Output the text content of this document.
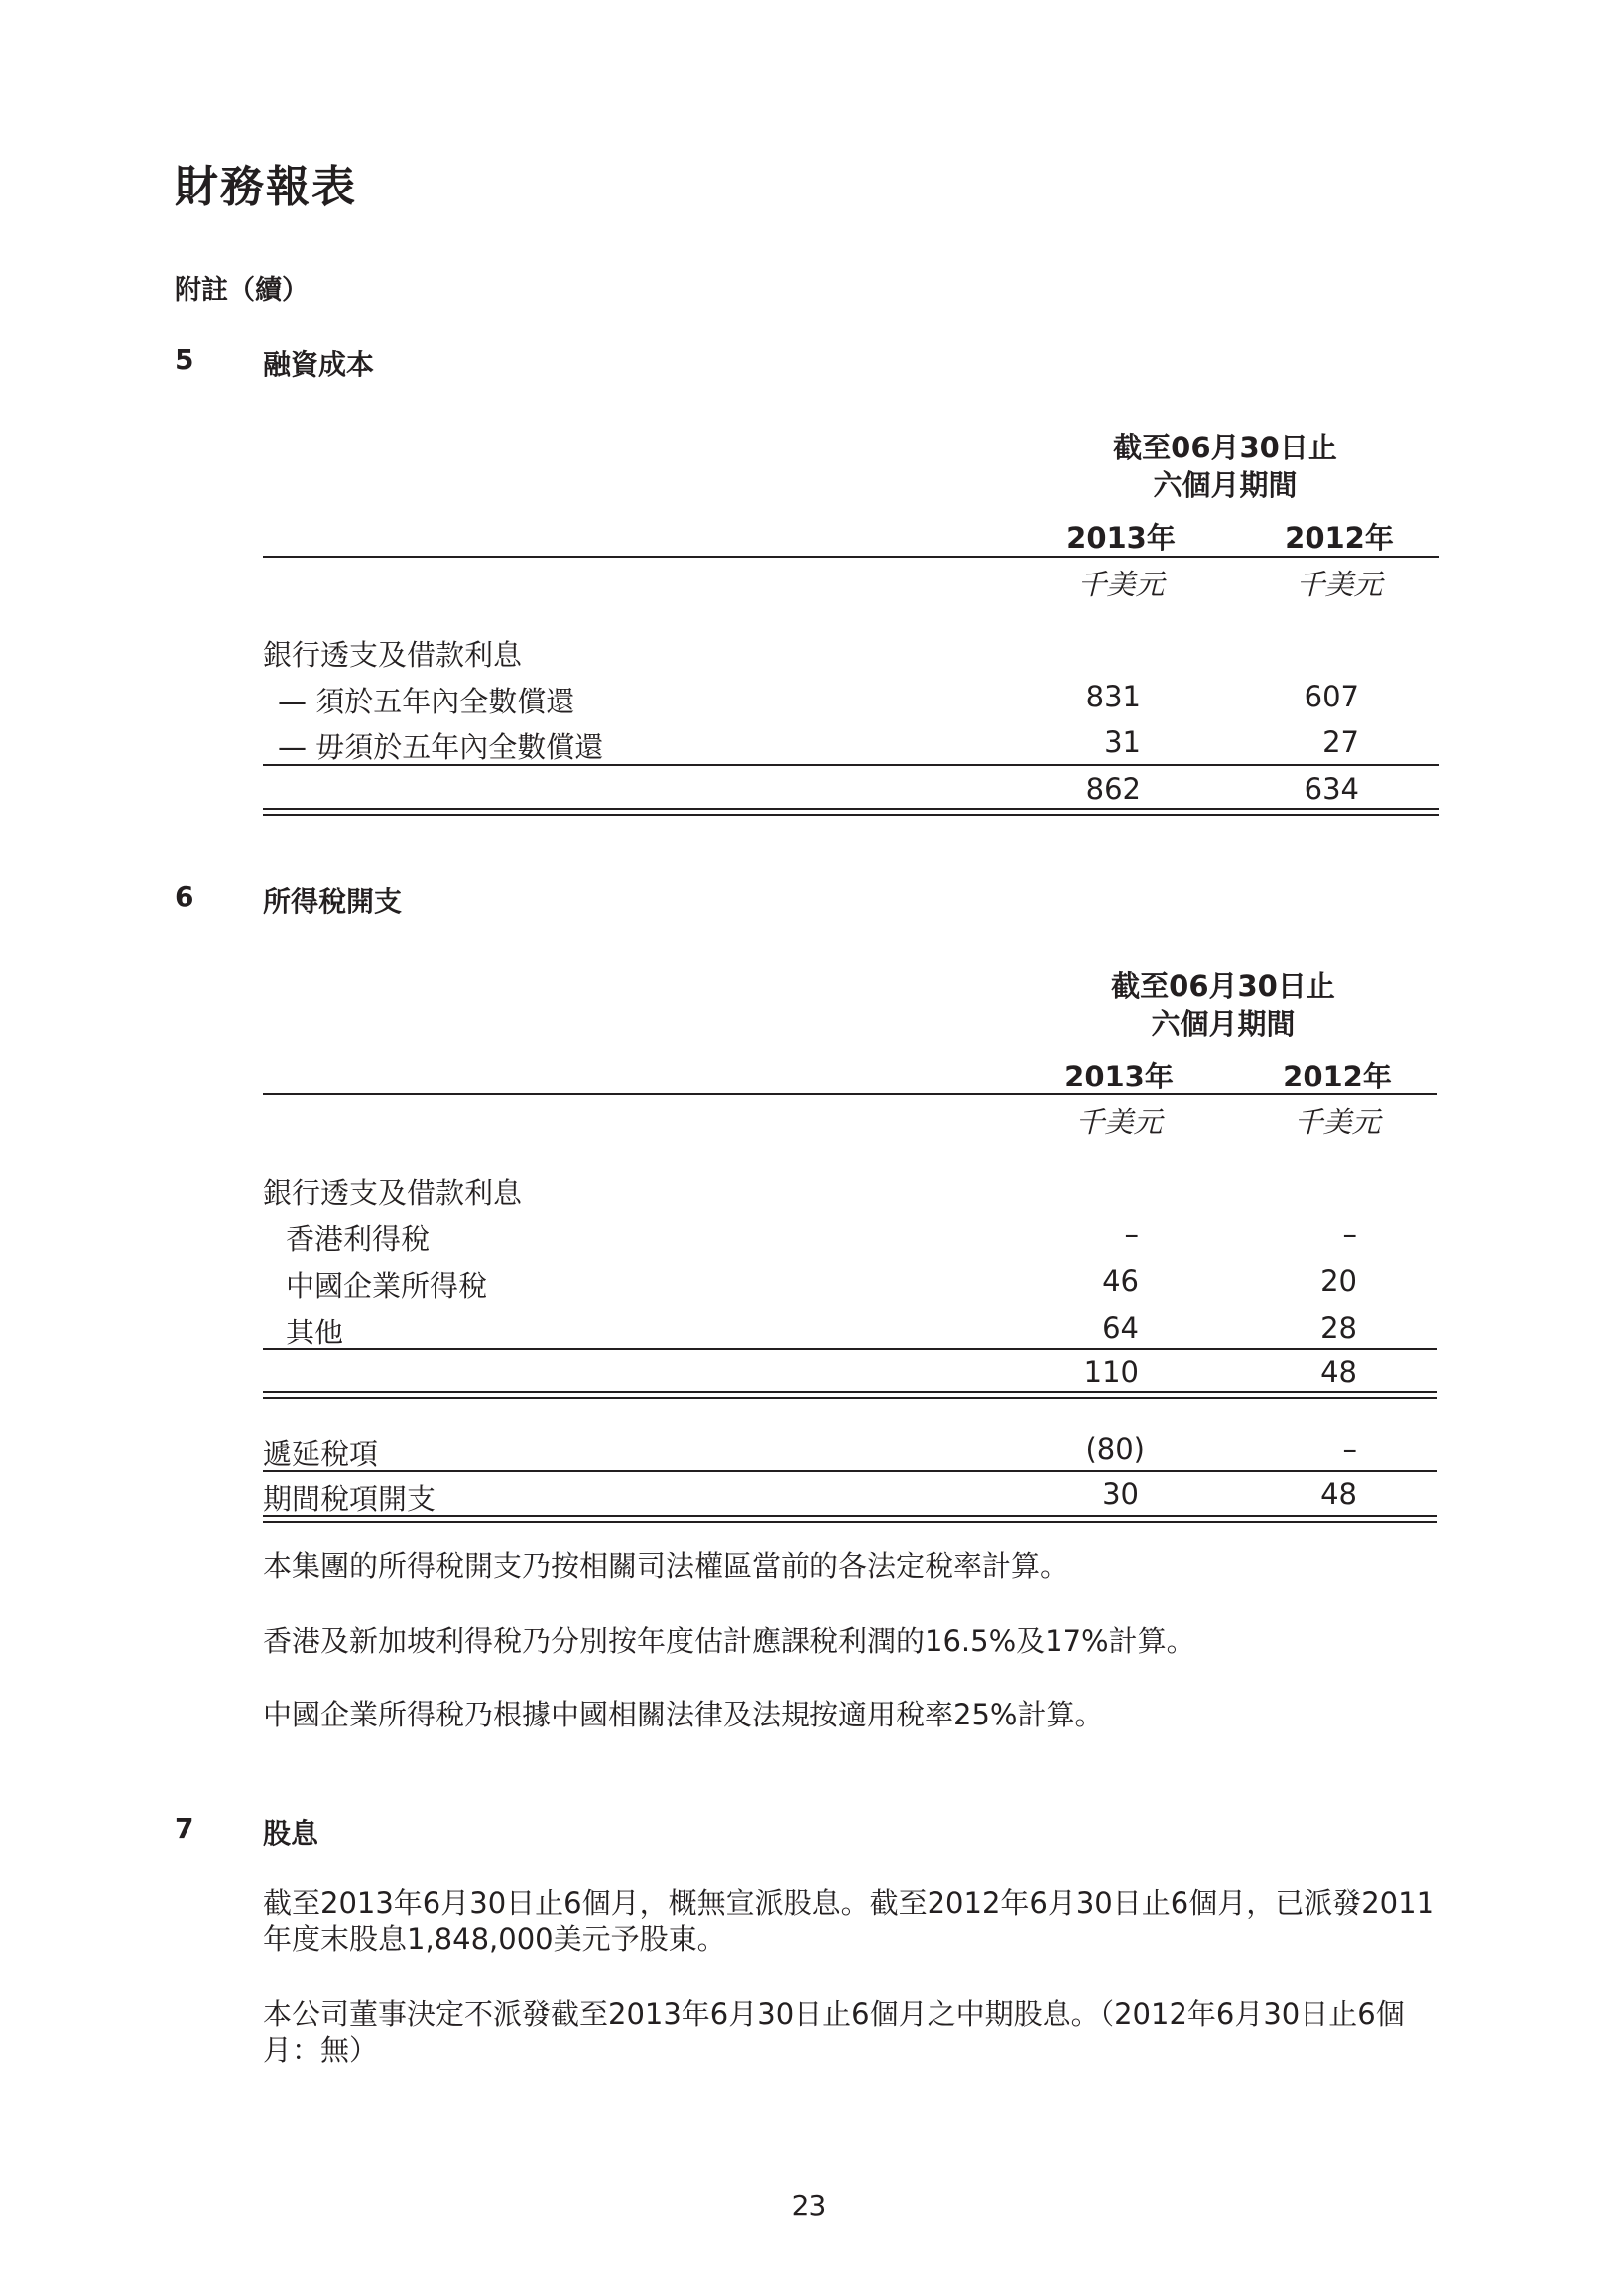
財務報表
附註（續）
5 融資成本
截至06月30日止
六個月期間
2013年	2012年
千美元	千美元
銀行透支及借款利息
— 須於五年內全數償還	831	607
— 毋須於五年內全數償還	31	27
862	634
6 所得稅開支
截至06月30日止
六個月期間
2013年	2012年
千美元	千美元
銀行透支及借款利息
香港利得稅	–	–
中國企業所得稅	46	20
其他	64	28
110	48
遞延稅項	(80)	–
期間稅項開支	30	48
本集團的所得稅開支乃按相關司法權區當前的各法定稅率計算。
香港及新加坡利得稅乃分別按年度估計應課稅利潤的16.5%及17%計算。
中國企業所得稅乃根據中國相關法律及法規按適用稅率25%計算。
7 股息
截至2013年6月30日止6個月，概無宣派股息。截至2012年6月30日止6個月，已派發2011年度末股息1,848,000美元予股東。
本公司董事決定不派發截至2013年6月30日止6個月之中期股息。（2012年6月30日止6個月：無）
23
